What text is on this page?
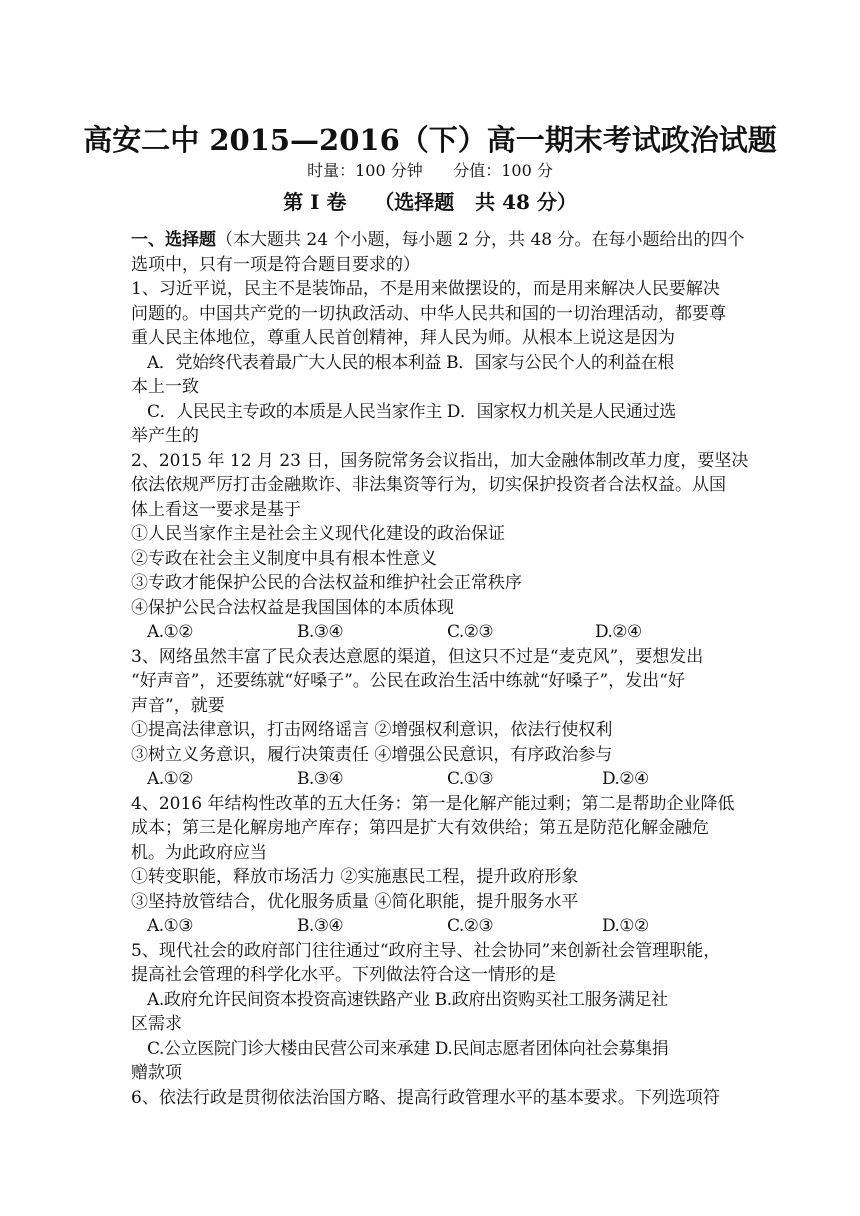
高安二中 2015—2016（下）高一期末考试政治试题
时量：100 分钟      分值：100 分
第 I 卷    （选择题   共 48 分）
一、选择题（本大题共 24 个小题，每小题 2 分，共 48 分。在每小题给出的四个
选项中，只有一项是符合题目要求的）
1、习近平说，民主不是装饰品，不是用来做摆设的，而是用来解决人民要解决
问题的。中国共产党的一切执政活动、中华人民共和国的一切治理活动，都要尊
重人民主体地位，尊重人民首创精神，拜人民为师。从根本上说这是因为
A．党始终代表着最广大人民的根本利益 B．国家与公民个人的利益在根
本上一致
C．人民民主专政的本质是人民当家作主 D．国家权力机关是人民通过选
举产生的
2、2015 年 12 月 23 日，国务院常务会议指出，加大金融体制改革力度，要坚决
依法依规严厉打击金融欺诈、非法集资等行为，切实保护投资者合法权益。从国
体上看这一要求是基于
①人民当家作主是社会主义现代化建设的政治保证
②专政在社会主义制度中具有根本性意义
③专政才能保护公民的合法权益和维护社会正常秩序
④保护公民合法权益是我国国体的本质体现
A.①②	B.③④	C.②③	D.②④
3、网络虽然丰富了民众表达意愿的渠道，但这只不过是“麦克风”，要想发出
“好声音”，还要练就“好嗓子”。公民在政治生活中练就“好嗓子”，发出“好
声音”，就要
①提高法律意识，打击网络谣言 ②增强权利意识，依法行使权利
③树立义务意识，履行决策责任 ④增强公民意识，有序政治参与
A.①②	B.③④	C.①③	D.②④
4、2016 年结构性改革的五大任务：第一是化解产能过剩；第二是帮助企业降低
成本；第三是化解房地产库存；第四是扩大有效供给；第五是防范化解金融危
机。为此政府应当
①转变职能，释放市场活力 ②实施惠民工程，提升政府形象
③坚持放管结合，优化服务质量 ④简化职能，提升服务水平
A.①③	B.③④	C.②③	D.①②
5、现代社会的政府部门往往通过“政府主导、社会协同”来创新社会管理职能，
提高社会管理的科学化水平。下列做法符合这一情形的是
A.政府允许民间资本投资高速铁路产业 B.政府出资购买社工服务满足社
区需求
C.公立医院门诊大楼由民营公司来承建 D.民间志愿者团体向社会募集捐
赠款项
6、依法行政是贯彻依法治国方略、提高行政管理水平的基本要求。下列选项符
